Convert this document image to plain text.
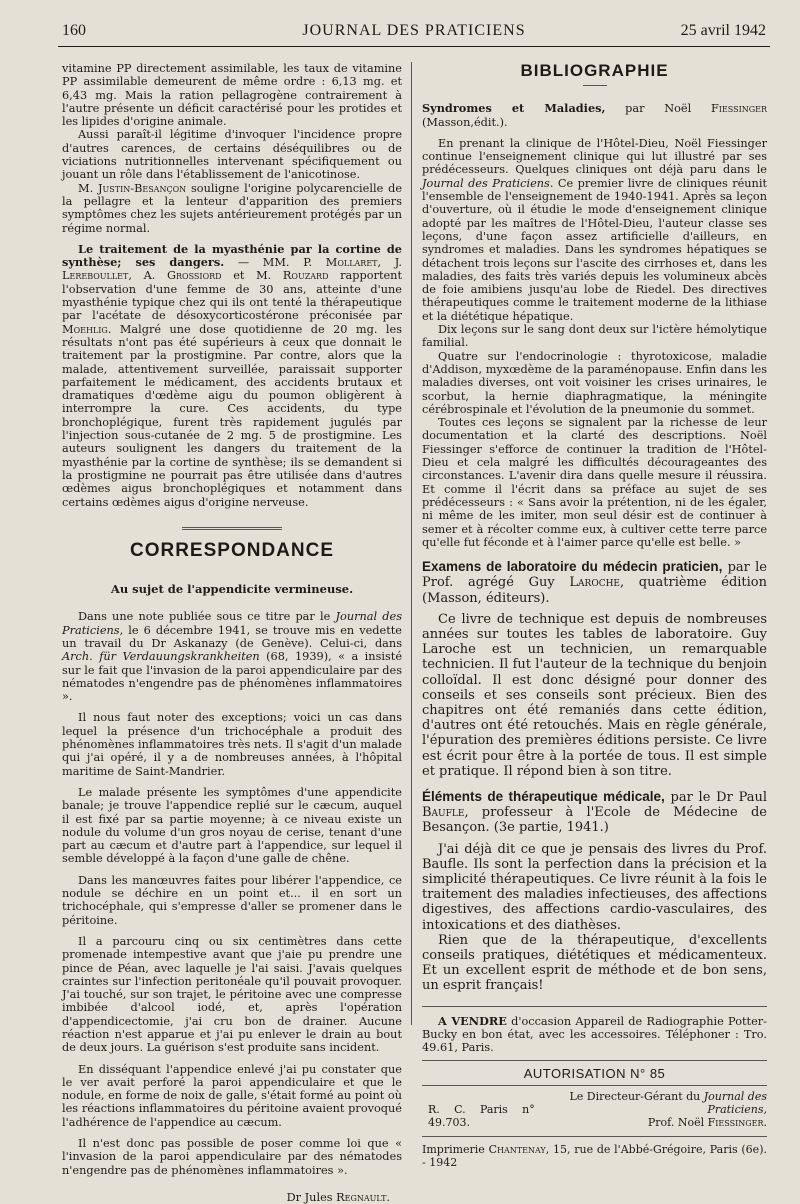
160	JOURNAL DES PRATICIENS	25 avril 1942

vitamine PP directement assimilable, les taux de vitamine PP assimilable demeurent de même ordre : 6,13 mg. et 6,43 mg. Mais la ration pellagrogène contrairement à l'autre présente un déficit caractérisé pour les protides et les lipides d'origine animale.

Aussi paraît-il légitime d'invoquer l'incidence propre d'autres carences, de certains déséquilibres ou de viciations nutritionnelles intervenant spécifiquement ou jouant un rôle dans l'établissement de l'anicotinose.

M. Justin-Besançon souligne l'origine polycarencielle de la pellagre et la lenteur d'apparition des premiers symptômes chez les sujets antérieurement protégés par un régime normal.

Le traitement de la myasthénie par la cortine de synthèse; ses dangers. — MM. P. Mollaret, J. Lereboullet, A. Grossiord et M. Rouzard rapportent l'observation d'une femme de 30 ans, atteinte d'une myasthénie typique chez qui ils ont tenté la thérapeutique par l'acétate de désoxycorticostérone préconisée par Moehlig. Malgré une dose quotidienne de 20 mg. les résultats n'ont pas été supérieurs à ceux que donnait le traitement par la prostigmine. Par contre, alors que la malade, attentivement surveillée, paraissait supporter parfaitement le médicament, des accidents brutaux et dramatiques d'œdème aigu du poumon obligèrent à interrompre la cure. Ces accidents, du type bronchoplégique, furent très rapidement jugulés par l'injection sous-cutanée de 2 mg. 5 de prostigmine. Les auteurs soulignent les dangers du traitement de la myasthénie par la cortine de synthèse; ils se demandent si la prostigmine ne pourrait pas être utilisée dans d'autres œdèmes aigus bronchoplégiques et notamment dans certains œdèmes aigus d'origine nerveuse.

CORRESPONDANCE
Au sujet de l'appendicite vermineuse.

Dans une note publiée sous ce titre par le Journal des Praticiens, le 6 décembre 1941, se trouve mis en vedette un travail du Dr Askanazy (de Genève). Celui-ci, dans Arch. für Verdauungskrankheiten (68, 1939), « a insisté sur le fait que l'invasion de la paroi appendiculaire par des nématodes n'engendre pas de phénomènes inflammatoires ».

Il nous faut noter des exceptions; voici un cas dans lequel la présence d'un trichocéphale a produit des phénomènes inflammatoires très nets. Il s'agit d'un malade qui j'ai opéré, il y a de nombreuses années, à l'hôpital maritime de Saint-Mandrier.

Le malade présente les symptômes d'une appendicite banale; je trouve l'appendice replié sur le cæcum, auquel il est fixé par sa partie moyenne; à ce niveau existe un nodule du volume d'un gros noyau de cerise, tenant d'une part au cæcum et d'autre part à l'appendice, sur lequel il semble développé à la façon d'une galle de chêne.

Dans les manœuvres faites pour libérer l'appendice, ce nodule se déchire en un point et... il en sort un trichocéphale, qui s'empresse d'aller se promener dans le péritoine.

Il a parcouru cinq ou six centimètres dans cette promenade intempestive avant que j'aie pu prendre une pince de Péan, avec laquelle je l'ai saisi. J'avais quelques craintes sur l'infection peritonéale qu'il pouvait provoquer. J'ai touché, sur son trajet, le péritoine avec une compresse imbibée d'alcool iodé, et, après l'opération d'appendicectomie, j'ai cru bon de drainer. Aucune réaction n'est apparue et j'ai pu enlever le drain au bout de deux jours. La guérison s'est produite sans incident.

En disséquant l'appendice enlevé j'ai pu constater que le ver avait perforé la paroi appendiculaire et que le nodule, en forme de noix de galle, s'était formé au point où les réactions inflammatoires du péritoine avaient provoqué l'adhérence de l'appendice au cæcum.

Il n'est donc pas possible de poser comme loi que « l'invasion de la paroi appendiculaire par des nématodes n'engendre pas de phénomènes inflammatoires ».

Dr Jules Regnault.
BIBLIOGRAPHIE

Syndromes et Maladies, par Noël Fiessinger (Masson,édit.).

En prenant la clinique de l'Hôtel-Dieu, Noël Fiessinger continue l'enseignement clinique qui lut illustré par ses prédécesseurs. Quelques cliniques ont déjà paru dans le Journal des Praticiens. Ce premier livre de cliniques réunit l'ensemble de l'enseignement de 1940-1941. Après sa leçon d'ouverture, où il étudie le mode d'enseignement clinique adopté par les maîtres de l'Hôtel-Dieu, l'auteur classe ses leçons, d'une façon assez artificielle d'ailleurs, en syndromes et maladies. Dans les syndromes hépatiques se détachent trois leçons sur l'ascite des cirrhoses et, dans les maladies, des faits très variés depuis les volumineux abcès de foie amibiens jusqu'au lobe de Riedel. Des directives thérapeutiques comme le traitement moderne de la lithiase et la diététique hépatique.

Dix leçons sur le sang dont deux sur l'ictère hémolytique familial.

Quatre sur l'endocrinologie : thyrotoxicose, maladie d'Addison, myxœdème de la paraménopause. Enfin dans les maladies diverses, ont voit voisiner les crises urinaires, le scorbut, la hernie diaphragmatique, la méningite cérébrospinale et l'évolution de la pneumonie du sommet.

Toutes ces leçons se signalent par la richesse de leur documentation et la clarté des descriptions. Noël Fiessinger s'efforce de continuer la tradition de l'Hôtel-Dieu et cela malgré les difficultés décourageantes des circonstances. L'avenir dira dans quelle mesure il réussira. Et comme il l'écrit dans sa préface au sujet de ses prédécesseurs : « Sans avoir la prétention, ni de les égaler, ni même de les imiter, mon seul désir est de continuer à semer et à récolter comme eux, à cultiver cette terre parce qu'elle fut féconde et à l'aimer parce qu'elle est belle. »

Examens de laboratoire du médecin praticien, par le Prof. agrégé Guy Laroche, quatrième édition (Masson, éditeurs).

Ce livre de technique est depuis de nombreuses années sur toutes les tables de laboratoire. Guy Laroche est un technicien, un remarquable technicien. Il fut l'auteur de la technique du benjoin colloïdal. Il est donc désigné pour donner des conseils et ses conseils sont précieux. Bien des chapitres ont été remaniés dans cette édition, d'autres ont été retouchés. Mais en règle générale, l'épuration des premières éditions persiste. Ce livre est écrit pour être à la portée de tous. Il est simple et pratique. Il répond bien à son titre.

Éléments de thérapeutique médicale, par le Dr Paul Baufle, professeur à l'Ecole de Médecine de Besançon. (3e partie, 1941.)

J'ai déjà dit ce que je pensais des livres du Prof. Baufle. Ils sont la perfection dans la précision et la simplicité thérapeutiques. Ce livre réunit à la fois le traitement des maladies infectieuses, des affections digestives, des affections cardio-vasculaires, des intoxications et des diathèses.

Rien que de la thérapeutique, d'excellents conseils pratiques, diététiques et médicamenteux. Et un excellent esprit de méthode et de bon sens, un esprit français!

A VENDRE d'occasion Appareil de Radiographie Potter-Bucky en bon état, avec les accessoires. Téléphoner : Tro. 49.61, Paris.

AUTORISATION N° 85

R. C. Paris n° 49.703.
Le Directeur-Gérant du Journal des Praticiens,
Prof. Noël Fiessinger.
Imprimerie Chantenay, 15, rue de l'Abbé-Grégoire, Paris (6e). - 1942
